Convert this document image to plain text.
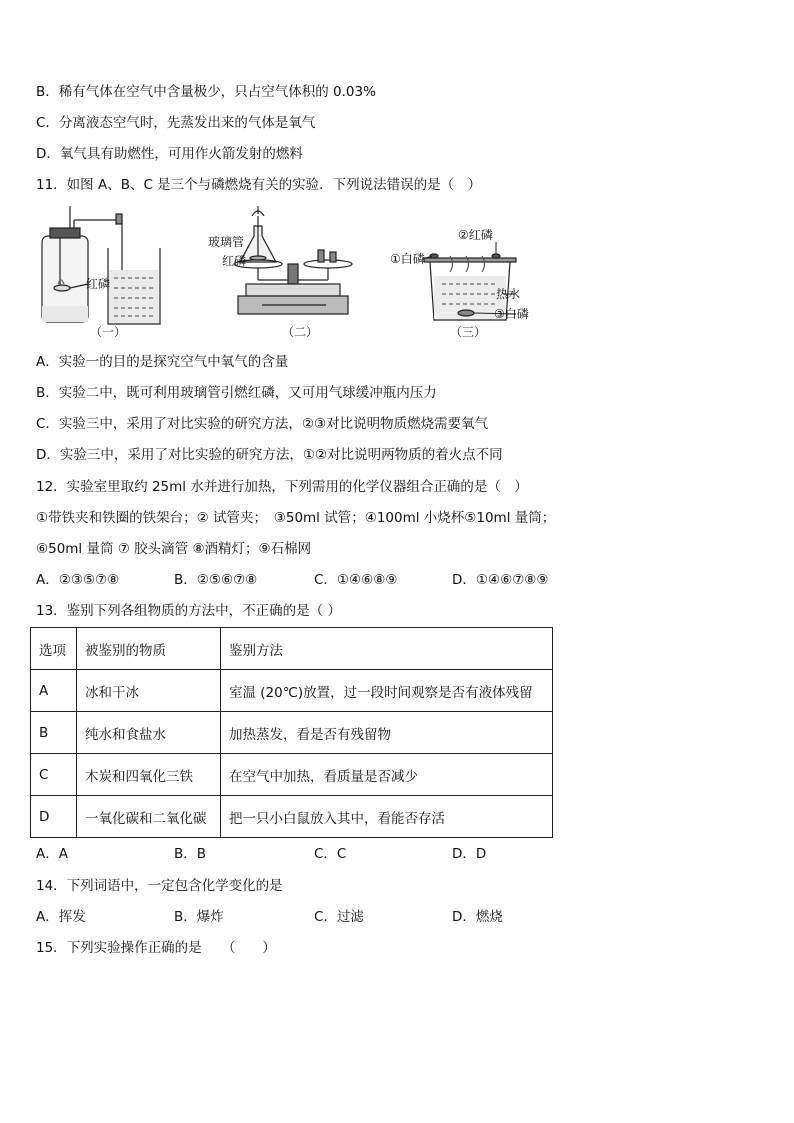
B．稀有气体在空气中含量极少，只占空气体积的 0.03%
C．分离液态空气时，先蒸发出来的气体是氧气
D．氧气具有助燃性，可用作火箭发射的燃料
11．如图 A、B、C 是三个与磷燃烧有关的实验．下列说法错误的是（　）
红磷
（一）
玻璃管
红磷
（二）
①白磷
②红磷
热水
③白磷
（三）
A．实验一的目的是探究空气中氧气的含量
B．实验二中，既可利用玻璃管引燃红磷，又可用气球缓冲瓶内压力
C．实验三中，采用了对比实验的研究方法，②③对比说明物质燃烧需要氧气
D．实验三中，采用了对比实验的研究方法，①②对比说明两物质的着火点不同
12．实验室里取约 25ml 水并进行加热，下列需用的化学仪器组合正确的是（　）
①带铁夹和铁圈的铁架台；② 试管夹；　③50ml 试管；④100ml 小烧杯⑤10ml 量筒；
⑥50ml 量筒 ⑦ 胶头滴管 ⑧酒精灯；⑨石棉网
A．②③⑤⑦⑧	B．②⑤⑥⑦⑧	C．①④⑥⑧⑨	D．①④⑥⑦⑧⑨
13．鉴别下列各组物质的方法中，不正确的是（ ）
选项	被鉴别的物质	鉴别方法
A	冰和干冰	室温 (20℃)放置，过一段时间观察是否有液体残留
B	纯水和食盐水	加热蒸发，看是否有残留物
C	木炭和四氧化三铁	在空气中加热，看质量是否减少
D	一氧化碳和二氧化碳	把一只小白鼠放入其中，看能否存活
A．A	B．B	C．C	D．D
14．下列词语中，一定包含化学变化的是
A．挥发	B．爆炸	C．过滤	D．燃烧
15．下列实验操作正确的是　　（　　）
